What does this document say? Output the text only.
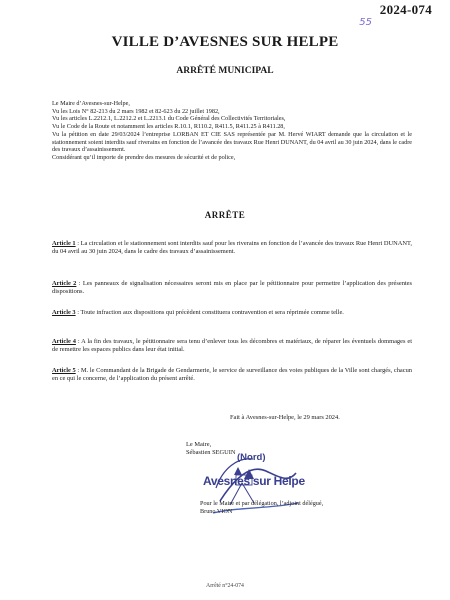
2024-074
55
VILLE D’AVESNES SUR HELPE
ARRÊTÉ MUNICIPAL

Le Maire d’Avesnes-sur-Helpe,

Vu les Lois N° 82-213 du 2 mars 1982 et 82-623 du 22 juillet 1982,

Vu les articles L.2212.1, L.2212.2 et L.2213.1 du Code Général des Collectivités Territoriales,

Vu le Code de la Route et notamment les articles R.10.1, R110.2, R411.5, R411.25 à R411.28,

Vu la pétition en date 29/03/2024 l’entreprise LORBAN ET CIE SAS représentée par M. Hervé WIART demande que la circulation et le stationnement soient interdits sauf riverains en fonction de l’avancée des travaux Rue Henri DUNANT, du 04 avril au 30 juin 2024, dans le cadre des travaux d’assainissement.

Considérant qu’il importe de prendre des mesures de sécurité et de police,

ARRÊTE
Article 1 : La circulation et le stationnement sont interdits sauf pour les riverains en fonction de l’avancée des travaux Rue Henri DUNANT, du 04 avril au 30 juin 2024, dans le cadre des travaux d’assainissement.
Article 2 : Les panneaux de signalisation nécessaires seront mis en place par le pétitionnaire pour permettre l’application des présentes dispositions.
Article 3 : Toute infraction aux dispositions qui précèdent constituera contravention et sera réprimée comme telle.
Article 4 : A la fin des travaux, le pétitionnaire sera tenu d’enlever tous les décombres et matériaux, de réparer les éventuels dommages et de remettre les espaces publics dans leur état initial.
Article 5 : M. le Commandant de la Brigade de Gendarmerie, le service de surveillance des voies publiques de la Ville sont chargés, chacun en ce qui le concerne, de l’application du présent arrêté.
Fait à Avesnes-sur-Helpe, le 29 mars 2024.

Le Maire,

Sébastien SEGUIN (Nord)
Avesnes sur Helpe

Pour le Maire et par délégation, l’adjoint délégué,

Bruno VION

Arrêté n°24-074
